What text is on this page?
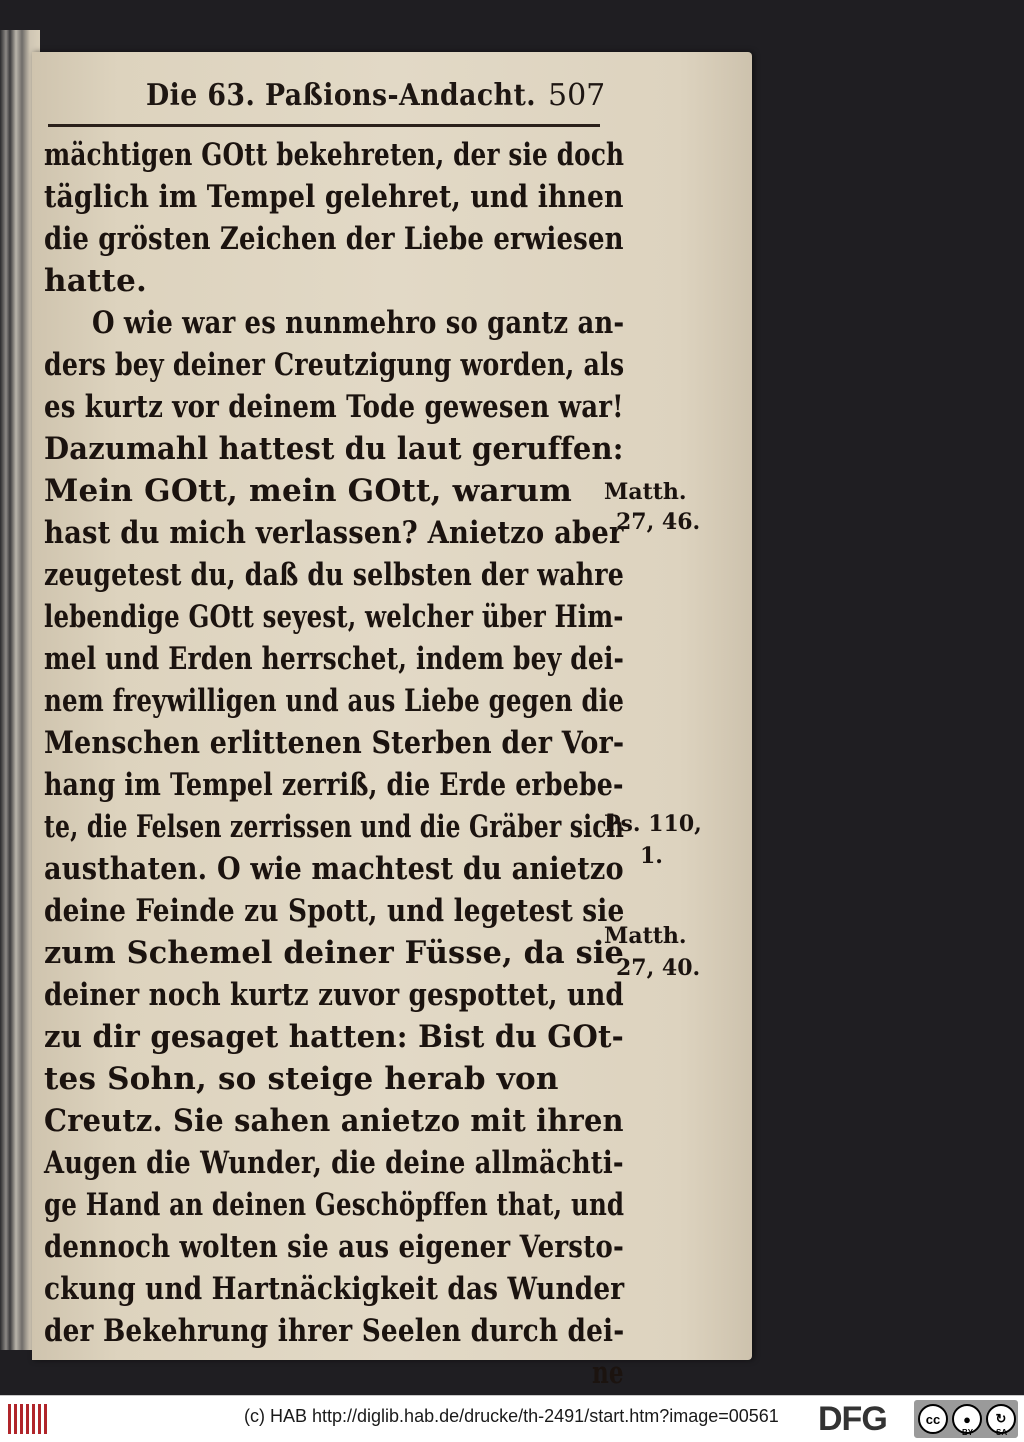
Die 63. Paßions-Andacht. 507
mächtigen GOtt bekehreten, der sie doch
täglich im Tempel gelehret, und ihnen
die grösten Zeichen der Liebe erwiesen
hatte.
O wie war es nunmehro so gantz an-
ders bey deiner Creutzigung worden, als
es kurtz vor deinem Tode gewesen war!
Dazumahl hattest du laut geruffen:
Mein GOtt, mein GOtt, warum
hast du mich verlassen? Anietzo aber
zeugetest du, daß du selbsten der wahre
lebendige GOtt seyest, welcher über Him-
mel und Erden herrschet, indem bey dei-
nem freywilligen und aus Liebe gegen die
Menschen erlittenen Sterben der Vor-
hang im Tempel zerriß, die Erde erbebe-
te, die Felsen zerrissen und die Gräber sich
austhaten. O wie machtest du anietzo
deine Feinde zu Spott, und legetest sie
zum Schemel deiner Füsse, da sie
deiner noch kurtz zuvor gespottet, und
zu dir gesaget hatten: Bist du GOt-
tes Sohn, so steige herab von
Creutz. Sie sahen anietzo mit ihren
Augen die Wunder, die deine allmächti-
ge Hand an deinen Geschöpffen that, und
dennoch wolten sie aus eigener Versto-
ckung und Hartnäckigkeit das Wunder
der Bekehrung ihrer Seelen durch dei-
ne
Matth.
27, 46.
Ps. 110,
1.
Matth.
27, 40.
(c) HAB http://diglib.hab.de/drucke/th-2491/start.htm?image=00561 DFG	cc	●	↻
BY	SA
